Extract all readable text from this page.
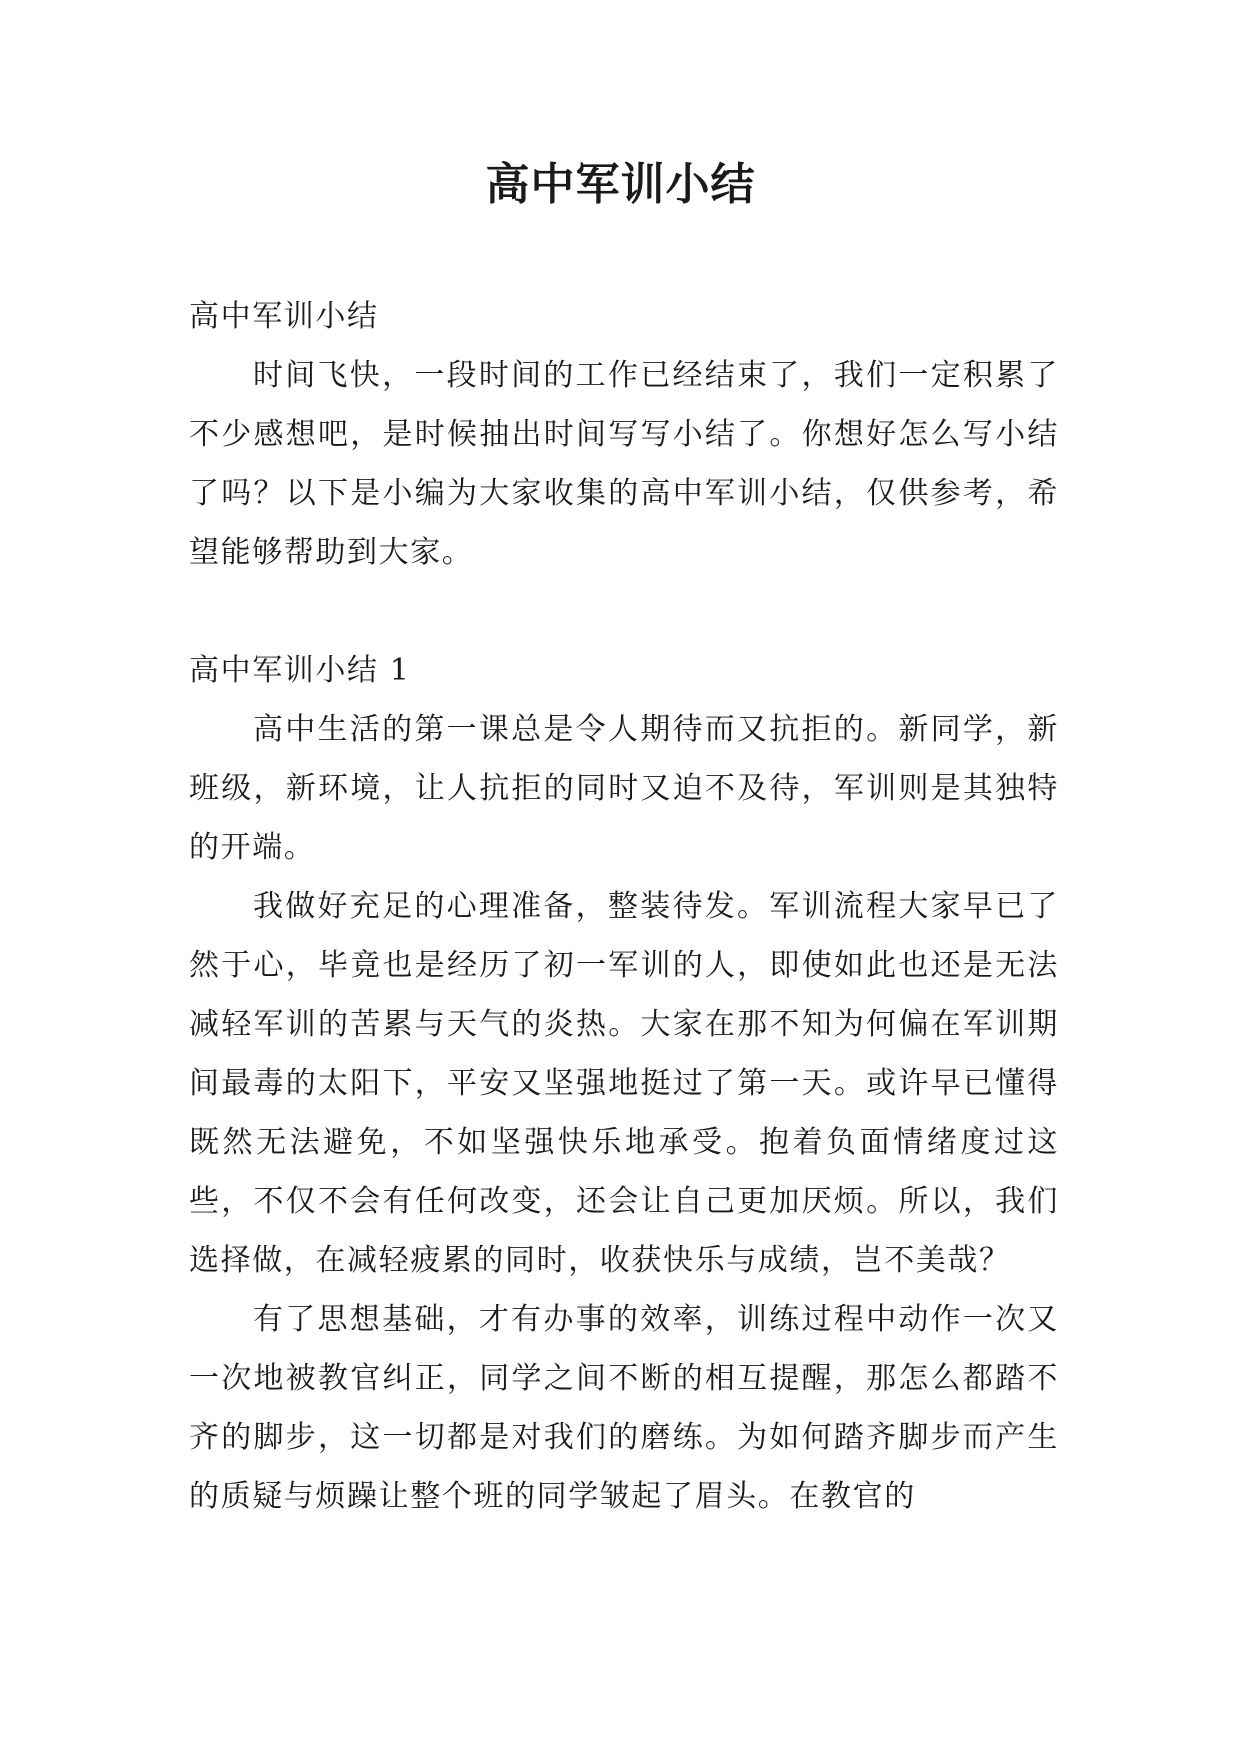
高中军训小结

高中军训小结

时间飞快，一段时间的工作已经结束了，我们一定积累了不少感想吧，是时候抽出时间写写小结了。你想好怎么写小结了吗？以下是小编为大家收集的高中军训小结，仅供参考，希望能够帮助到大家。

高中军训小结 1

高中生活的第一课总是令人期待而又抗拒的。新同学，新班级，新环境，让人抗拒的同时又迫不及待，军训则是其独特的开端。

我做好充足的心理准备，整装待发。军训流程大家早已了然于心，毕竟也是经历了初一军训的人，即使如此也还是无法减轻军训的苦累与天气的炎热。大家在那不知为何偏在军训期间最毒的太阳下，平安又坚强地挺过了第一天。或许早已懂得既然无法避免，不如坚强快乐地承受。抱着负面情绪度过这些，不仅不会有任何改变，还会让自己更加厌烦。所以，我们选择做，在减轻疲累的同时，收获快乐与成绩，岂不美哉？

有了思想基础，才有办事的效率，训练过程中动作一次又一次地被教官纠正，同学之间不断的相互提醒，那怎么都踏不齐的脚步，这一切都是对我们的磨练。为如何踏齐脚步而产生的质疑与烦躁让整个班的同学皱起了眉头。在教官的
